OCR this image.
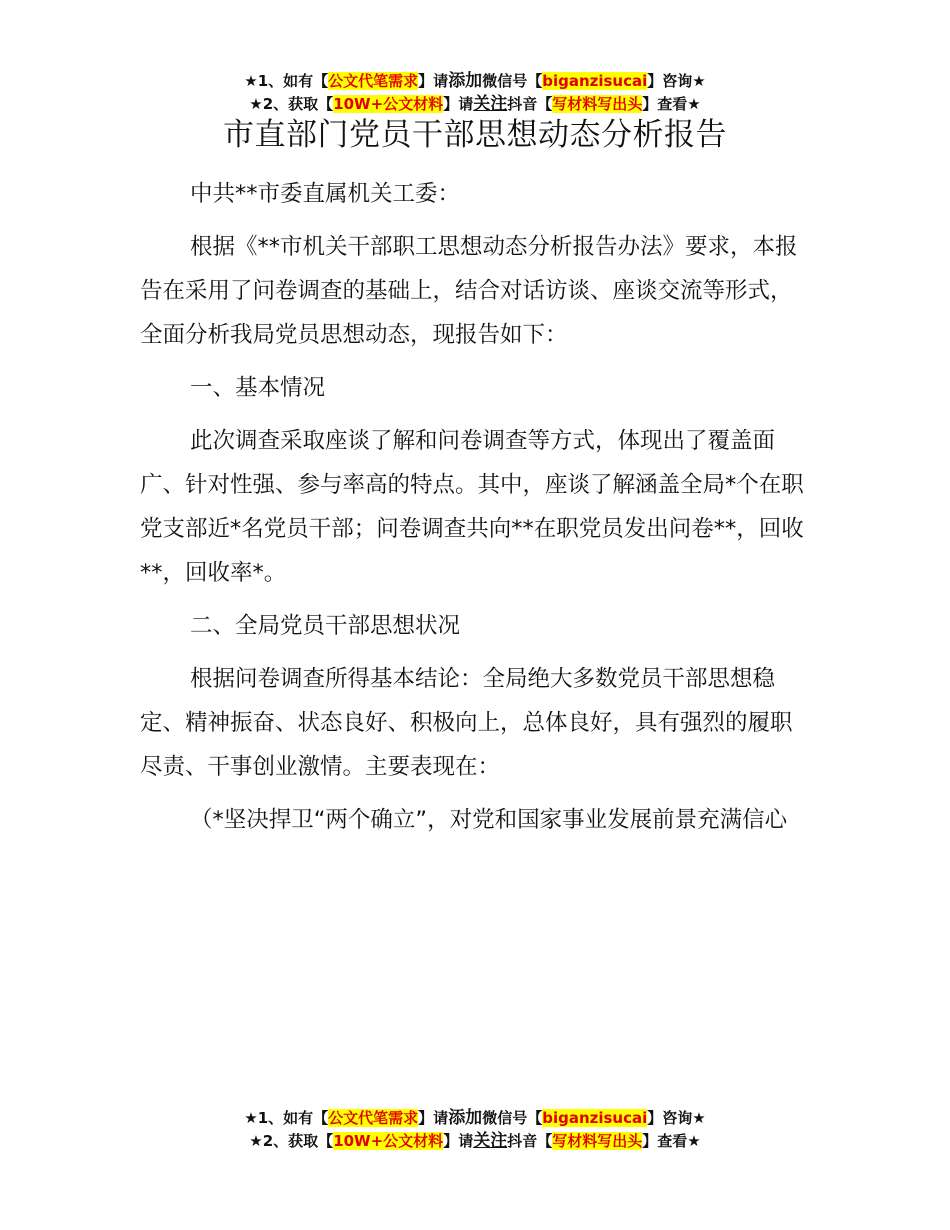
★1、如有【公文代笔需求】请添加微信号【biganzisucai】咨询★
★2、获取【10W+公文材料】请关注抖音【写材料写出头】查看★
市直部门党员干部思想动态分析报告

中共**市委直属机关工委：

根据《**市机关干部职工思想动态分析报告办法》要求，本报告在采用了问卷调查的基础上，结合对话访谈、座谈交流等形式，全面分析我局党员思想动态，现报告如下：

一、基本情况

此次调查采取座谈了解和问卷调查等方式，体现出了覆盖面广、针对性强、参与率高的特点。其中，座谈了解涵盖全局*个在职党支部近*名党员干部；问卷调查共向**在职党员发出问卷**，回收**，回收率*。

二、全局党员干部思想状况

根据问卷调查所得基本结论：全局绝大多数党员干部思想稳定、精神振奋、状态良好、积极向上，总体良好，具有强烈的履职尽责、干事创业激情。主要表现在：

（*坚决捍卫“两个确立”，对党和国家事业发展前景充满信心

★1、如有【公文代笔需求】请添加微信号【biganzisucai】咨询★
★2、获取【10W+公文材料】请关注抖音【写材料写出头】查看★
